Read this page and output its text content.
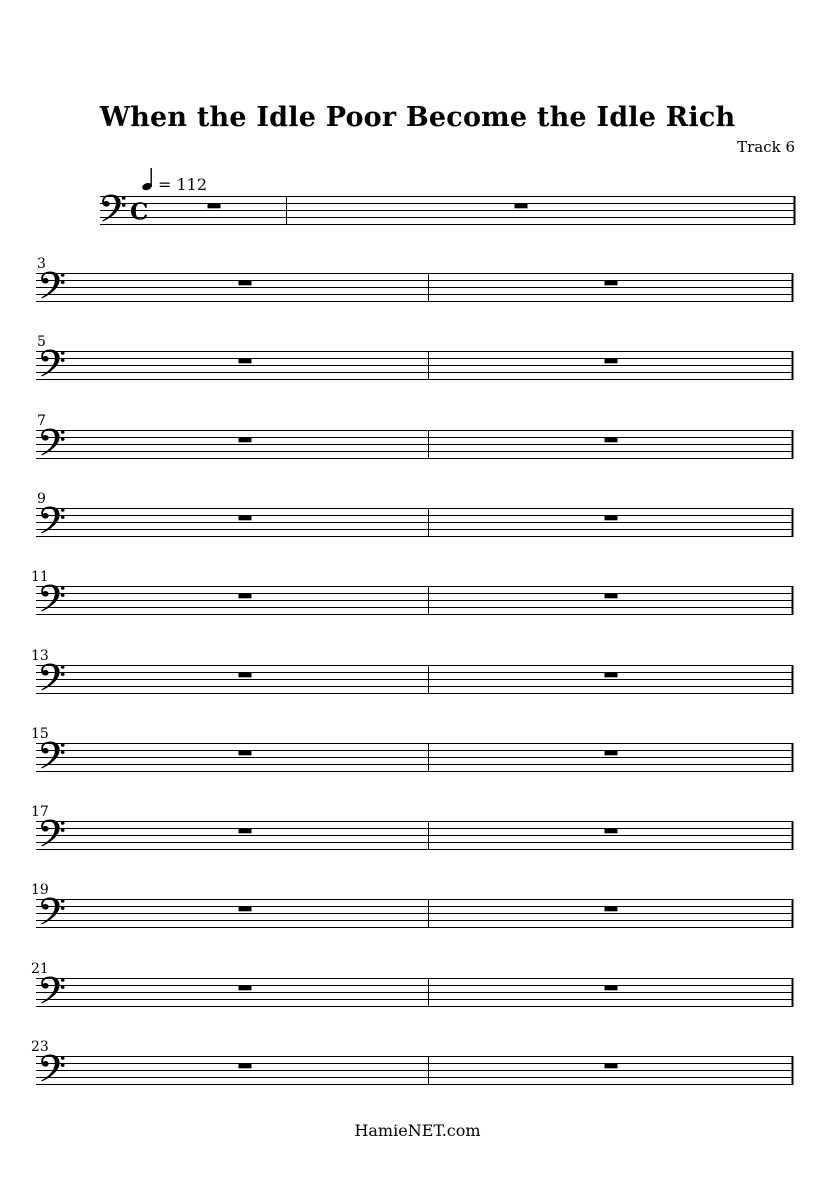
When the Idle Poor Become the Idle Rich
Track 6
= 112
C
3
5
7
9
11
13
15
17
19
21
23
HamieNET.com
